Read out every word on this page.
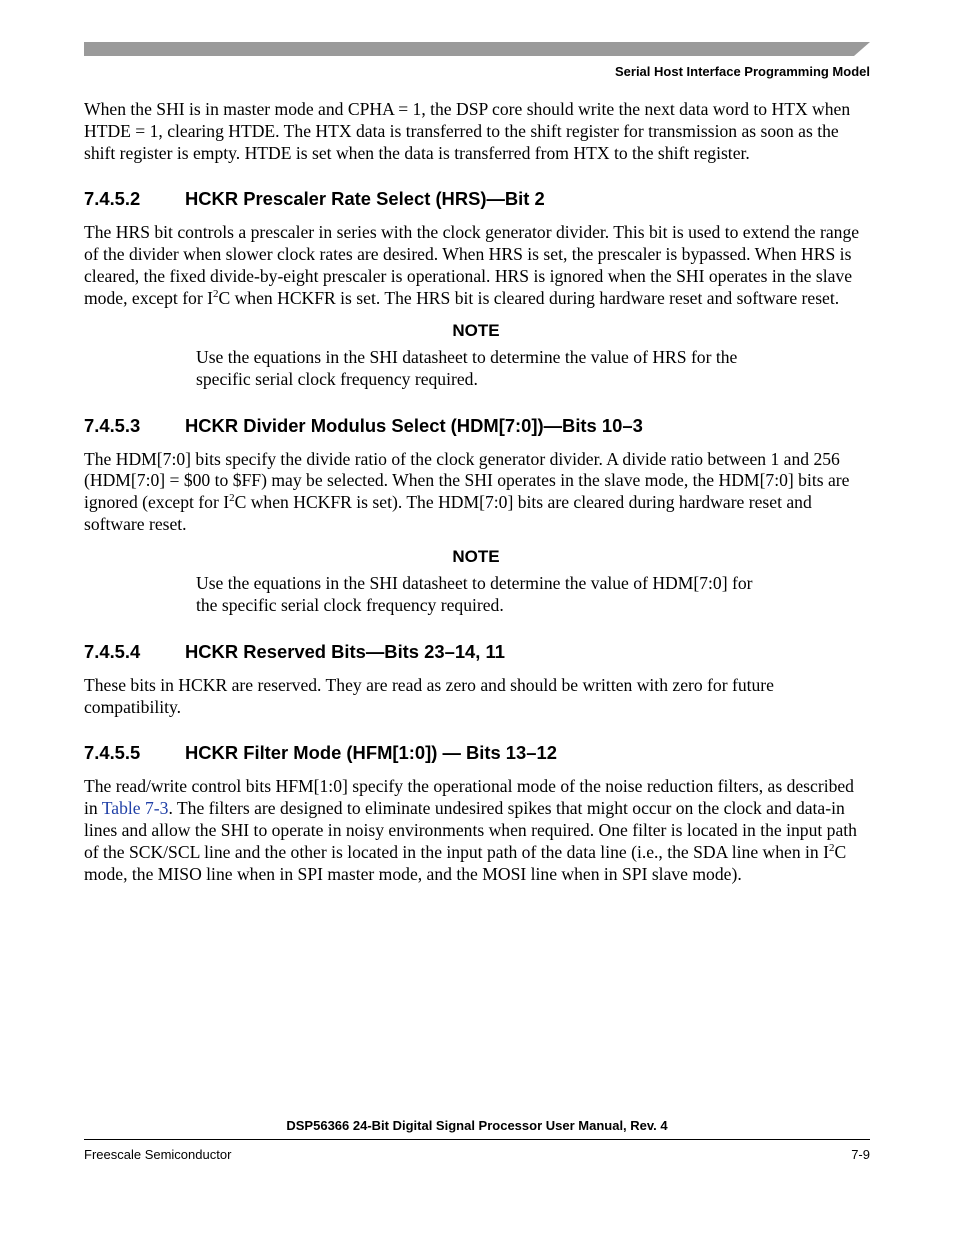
Serial Host Interface Programming Model

When the SHI is in master mode and CPHA = 1, the DSP core should write the next data word to HTX when HTDE = 1, clearing HTDE. The HTX data is transferred to the shift register for transmission as soon as the shift register is empty. HTDE is set when the data is transferred from HTX to the shift register.

7.4.5.2	HCKR Prescaler Rate Select (HRS)—Bit 2

The HRS bit controls a prescaler in series with the clock generator divider. This bit is used to extend the range of the divider when slower clock rates are desired. When HRS is set, the prescaler is bypassed. When HRS is cleared, the fixed divide-by-eight prescaler is operational. HRS is ignored when the SHI operates in the slave mode, except for $I^2C$ when HCKFR is set. The HRS bit is cleared during hardware reset and software reset.

NOTE

Use the equations in the SHI datasheet to determine the value of HRS for the specific serial clock frequency required.

7.4.5.3	HCKR Divider Modulus Select (HDM[7:0])—Bits 10–3

The HDM[7:0] bits specify the divide ratio of the clock generator divider. A divide ratio between 1 and 256 (HDM[7:0] = $00 to $FF) may be selected. When the SHI operates in the slave mode, the HDM[7:0] bits are ignored (except for $I^2C$ when HCKFR is set). The HDM[7:0] bits are cleared during hardware reset and software reset.

NOTE

Use the equations in the SHI datasheet to determine the value of HDM[7:0] for the specific serial clock frequency required.

7.4.5.4	HCKR Reserved Bits—Bits 23–14, 11

These bits in HCKR are reserved. They are read as zero and should be written with zero for future compatibility.

7.4.5.5	HCKR Filter Mode (HFM[1:0]) — Bits 13–12

The read/write control bits HFM[1:0] specify the operational mode of the noise reduction filters, as described in Table 7-3. The filters are designed to eliminate undesired spikes that might occur on the clock and data-in lines and allow the SHI to operate in noisy environments when required. One filter is located in the input path of the SCK/SCL line and the other is located in the input path of the data line (i.e., the SDA line when in $I^2C$ mode, the MISO line when in SPI master mode, and the MOSI line when in SPI slave mode).

DSP56366 24-Bit Digital Signal Processor User Manual, Rev. 4
Freescale Semiconductor	7-9
